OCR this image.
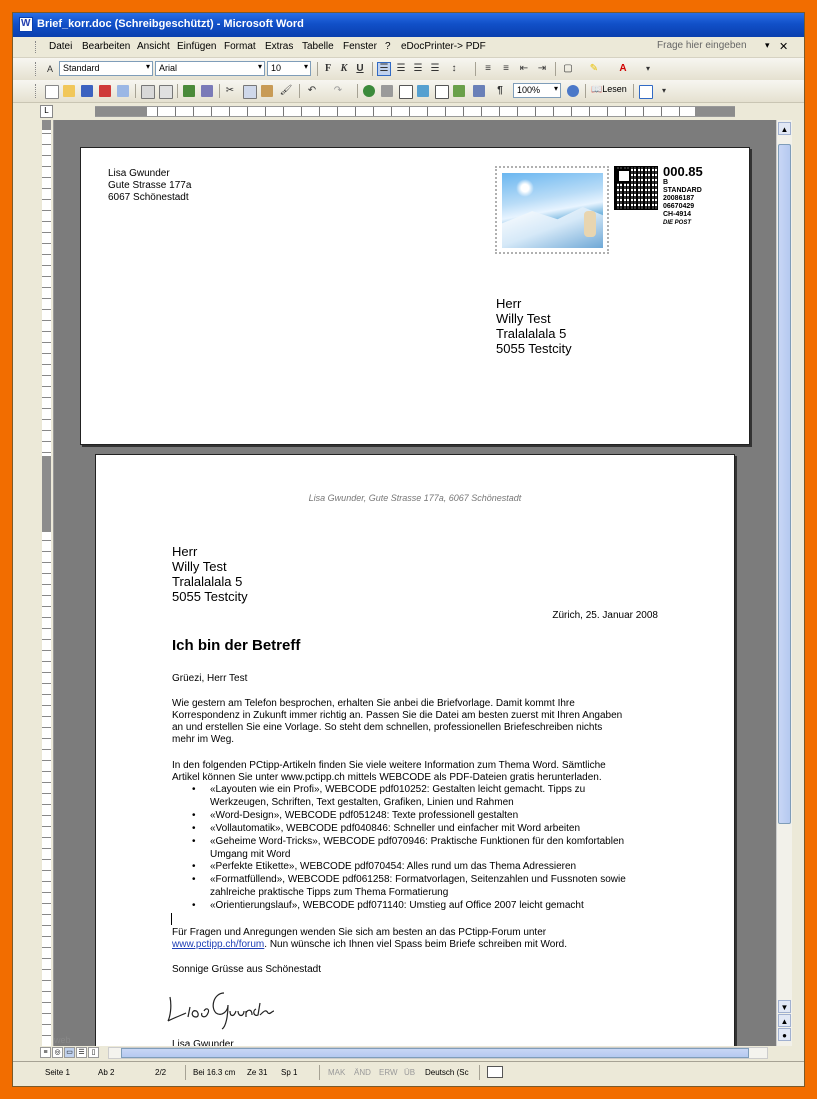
W
Brief_korr.doc (Schreibgeschützt) - Microsoft Word
Datei Bearbeiten Ansicht Einfügen Format Extras Tabelle Fenster ? eDocPrinter-> PDF	Frage hier eingeben	▾ ✕
A	Standard	▾	Arial	▾	10	▾	F K U	☰ ☰ ☰ ☰	↕	≡	≡	⇤ ⇥ ▢ ✎	A	▾
✂	🖌 ↶ ↷	¶	100% ▾	📖Lesen	▾
L
web
Lisa Gwunder
Gute Strasse 177a
6067 Schönestadt
000.85
B
STANDARD
20086187
06670429
CH-4914
DIE POST
Herr
Willy Test
Tralalalala 5
5055 Testcity
Lisa Gwunder, Gute Strasse 177a, 6067 Schönestadt
Herr
Willy Test
Tralalalala 5
5055 Testcity
Zürich, 25. Januar 2008
Ich bin der Betreff
Grüezi, Herr Test
Wie gestern am Telefon besprochen, erhalten Sie anbei die Briefvorlage. Damit kommt Ihre
Korrespondenz in Zukunft immer richtig an. Passen Sie die Datei am besten zuerst mit Ihren Angaben
an und erstellen Sie eine Vorlage. So steht dem schnellen, professionellen Briefeschreiben nichts
mehr im Weg.
In den folgenden PCtipp-Artikeln finden Sie viele weitere Information zum Thema Word. Sämtliche
Artikel können Sie unter www.pctipp.ch mittels WEBCODE als PDF-Dateien gratis herunterladen.
• «Layouten wie ein Profi», WEBCODE pdf010252: Gestalten leicht gemacht. Tipps zu
Werkzeugen, Schriften, Text gestalten, Grafiken, Linien und Rahmen
• «Word-Design», WEBCODE pdf051248: Texte professionell gestalten
• «Vollautomatik», WEBCODE pdf040846: Schneller und einfacher mit Word arbeiten
• «Geheime Word-Tricks», WEBCODE pdf070946: Praktische Funktionen für den komfortablen
Umgang mit Word
• «Perfekte Etikette», WEBCODE pdf070454: Alles rund um das Thema Adressieren
• «Formatfüllend», WEBCODE pdf061258: Formatvorlagen, Seitenzahlen und Fussnoten sowie
zahlreiche praktische Tipps zum Thema Formatierung
• «Orientierungslauf», WEBCODE pdf071140: Umstieg auf Office 2007 leicht gemacht
Für Fragen und Anregungen wenden Sie sich am besten an das PCtipp-Forum unter
www.pctipp.ch/forum. Nun wünsche ich Ihnen viel Spass beim Briefe schreiben mit Word.
Sonnige Grüsse aus Schönestadt
Lisa Gwunder
▲
▼
▲
●
≡ ◎ ▭ ☰ ▯
Seite 1	Ab 2	2/2	Bei 16.3 cm Ze 31 Sp 1	MAK ÄND ERW ÜB Deutsch (Sc
